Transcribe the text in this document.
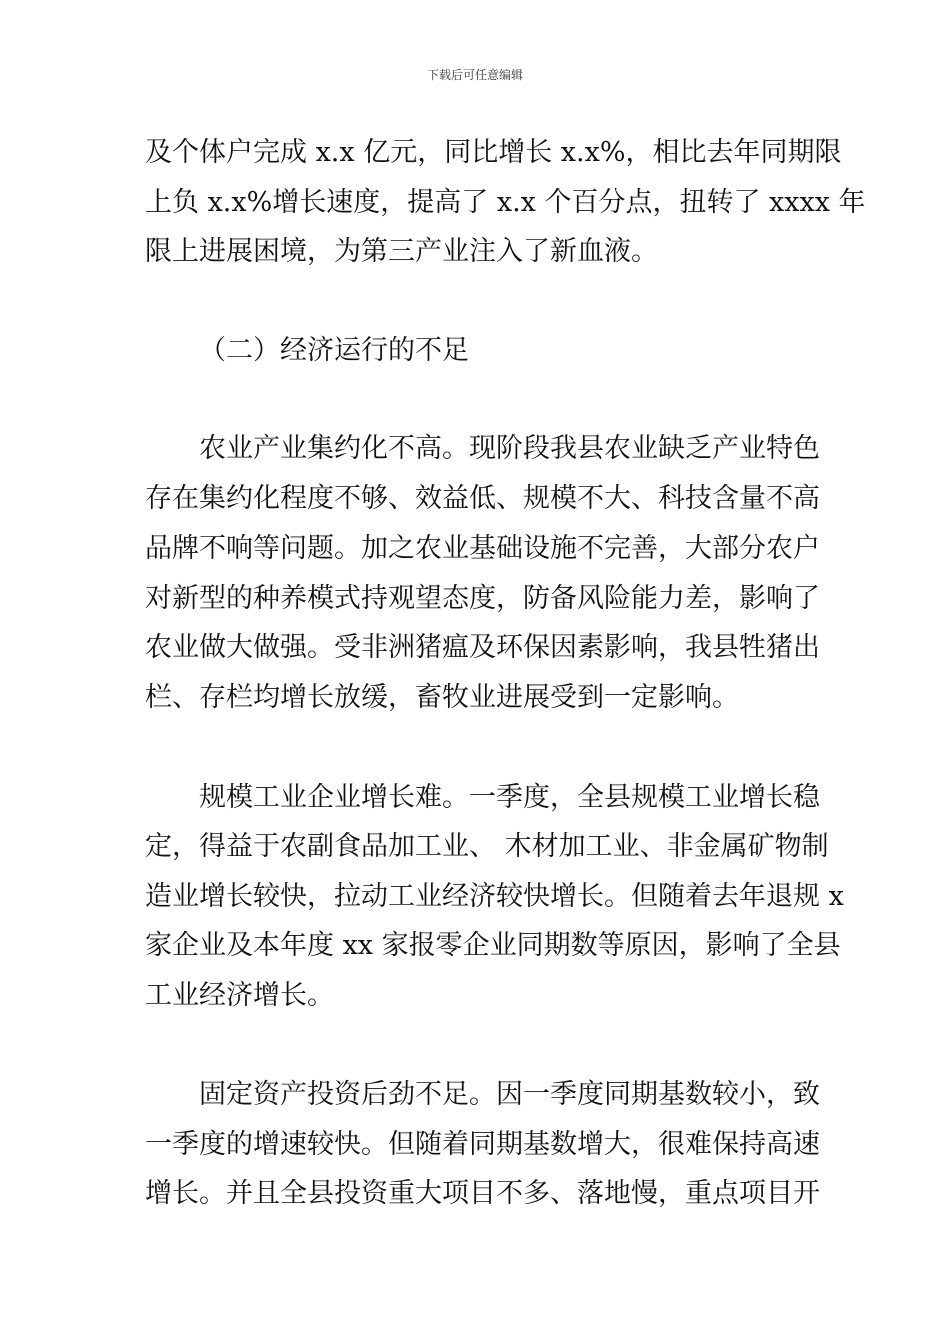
下载后可任意编辑
及个体户完成 x.x 亿元，同比增长 x.x%，相比去年同期限
上负 x.x%增长速度，提高了 x.x 个百分点，扭转了 xxxx 年
限上进展困境，为第三产业注入了新血液。
（二）经济运行的不足
农业产业集约化不高。现阶段我县农业缺乏产业特色
存在集约化程度不够、效益低、规模不大、科技含量不高
品牌不响等问题。加之农业基础设施不完善，大部分农户
对新型的种养模式持观望态度，防备风险能力差，影响了
农业做大做强。受非洲猪瘟及环保因素影响，我县牲猪出
栏、存栏均增长放缓，畜牧业进展受到一定影响。
规模工业企业增长难。一季度，全县规模工业增长稳
定，得益于农副食品加工业、 木材加工业、非金属矿物制
造业增长较快，拉动工业经济较快增长。但随着去年退规 x
家企业及本年度 xx 家报零企业同期数等原因，影响了全县
工业经济增长。
固定资产投资后劲不足。因一季度同期基数较小，致
一季度的增速较快。但随着同期基数增大，很难保持高速
增长。并且全县投资重大项目不多、落地慢，重点项目开
